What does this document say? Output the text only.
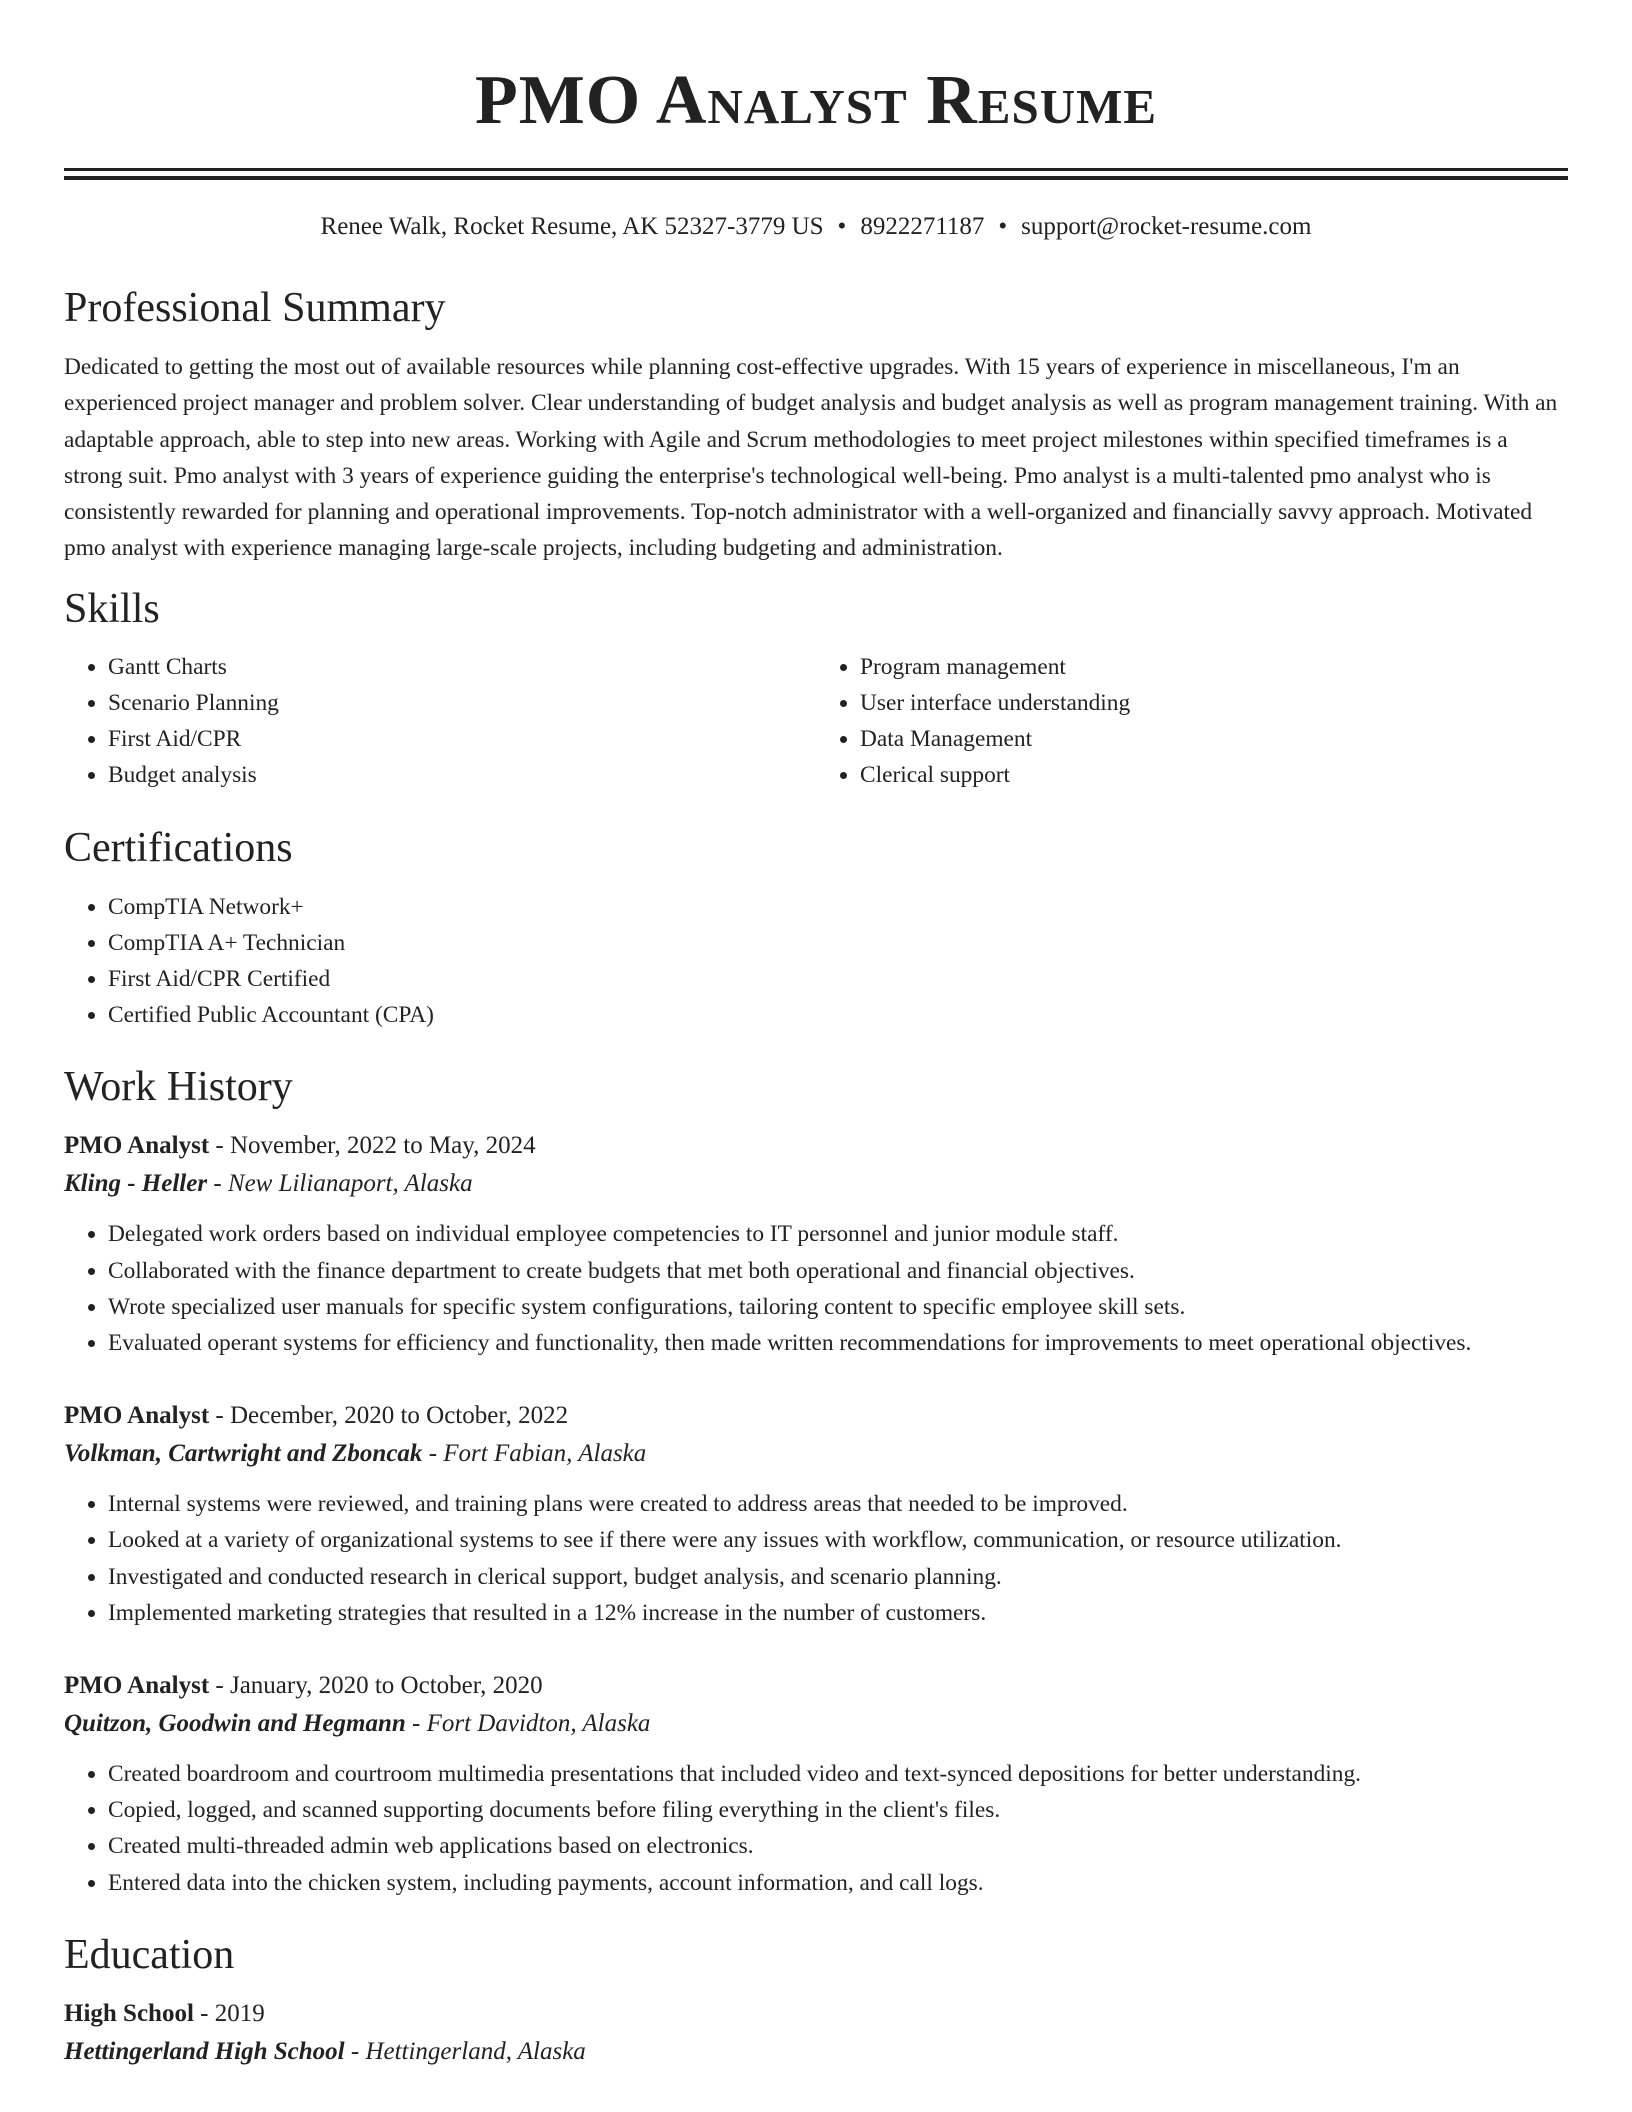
PMO Analyst Resume
Renee Walk, Rocket Resume, AK 52327-3779 US • 8922271187 • support@rocket-resume.com
Professional Summary

Dedicated to getting the most out of available resources while planning cost-effective upgrades. With 15 years of experience in miscellaneous, I'm an experienced project manager and problem solver. Clear understanding of budget analysis and budget analysis as well as program management training. With an adaptable approach, able to step into new areas. Working with Agile and Scrum methodologies to meet project milestones within specified timeframes is a strong suit. Pmo analyst with 3 years of experience guiding the enterprise's technological well-being. Pmo analyst is a multi-talented pmo analyst who is consistently rewarded for planning and operational improvements. Top-notch administrator with a well-organized and financially savvy approach. Motivated pmo analyst with experience managing large-scale projects, including budgeting and administration.

Skills
• Gantt Charts
• Scenario Planning
• First Aid/CPR
• Budget analysis
• Program management
• User interface understanding
• Data Management
• Clerical support
Certifications
• CompTIA Network+
• CompTIA A+ Technician
• First Aid/CPR Certified
• Certified Public Accountant (CPA)
Work History
PMO Analyst - November, 2022 to May, 2024
Kling - Heller - New Lilianaport, Alaska
• Delegated work orders based on individual employee competencies to IT personnel and junior module staff.
• Collaborated with the finance department to create budgets that met both operational and financial objectives.
• Wrote specialized user manuals for specific system configurations, tailoring content to specific employee skill sets.
• Evaluated operant systems for efficiency and functionality, then made written recommendations for improvements to meet operational objectives.
PMO Analyst - December, 2020 to October, 2022
Volkman, Cartwright and Zboncak - Fort Fabian, Alaska
• Internal systems were reviewed, and training plans were created to address areas that needed to be improved.
• Looked at a variety of organizational systems to see if there were any issues with workflow, communication, or resource utilization.
• Investigated and conducted research in clerical support, budget analysis, and scenario planning.
• Implemented marketing strategies that resulted in a 12% increase in the number of customers.
PMO Analyst - January, 2020 to October, 2020
Quitzon, Goodwin and Hegmann - Fort Davidton, Alaska
• Created boardroom and courtroom multimedia presentations that included video and text-synced depositions for better understanding.
• Copied, logged, and scanned supporting documents before filing everything in the client's files.
• Created multi-threaded admin web applications based on electronics.
• Entered data into the chicken system, including payments, account information, and call logs.
Education
High School - 2019
Hettingerland High School - Hettingerland, Alaska
